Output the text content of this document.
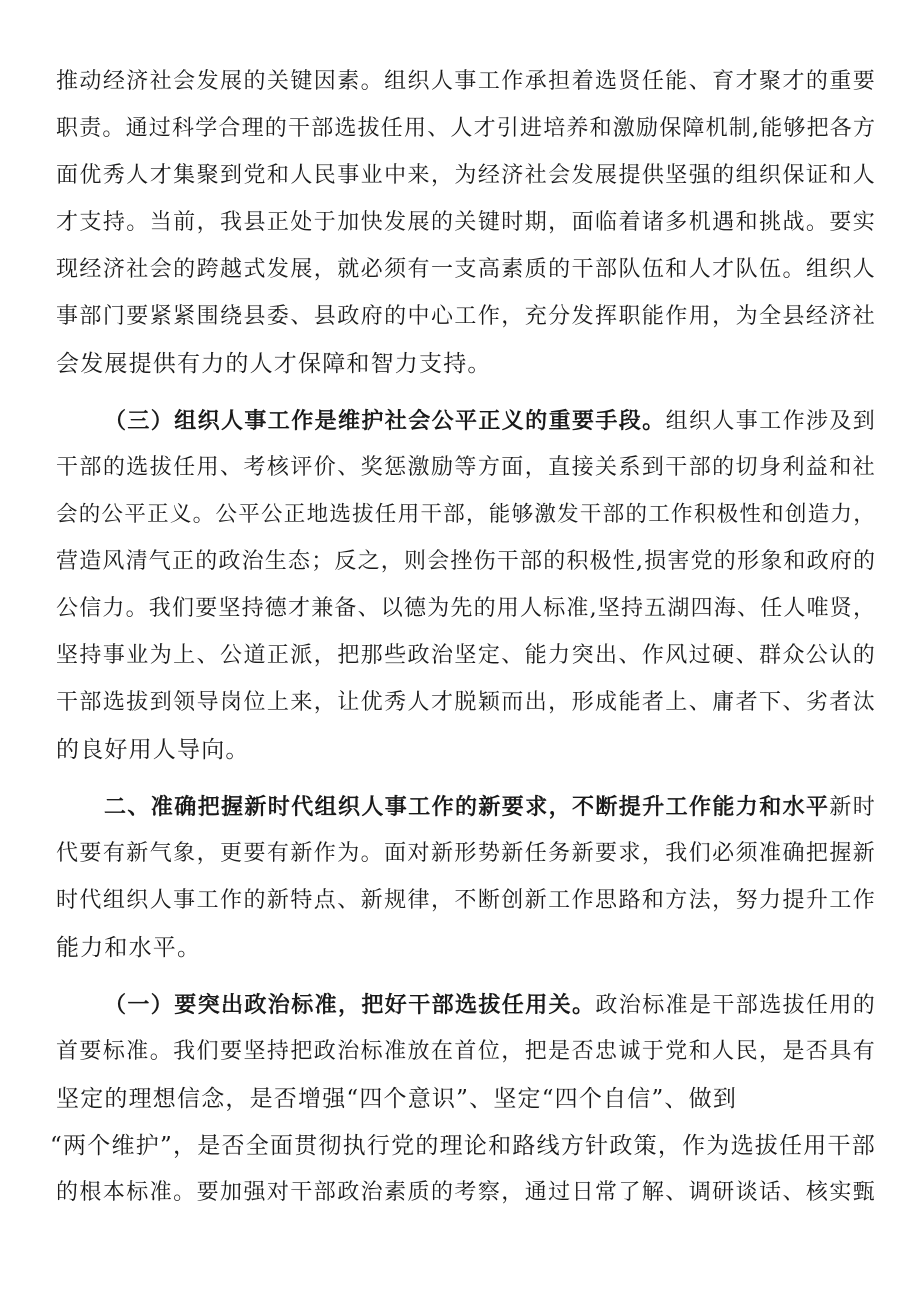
推动经济社会发展的关键因素。组织人事工作承担着选贤任能、育才聚才的重要
职责。通过科学合理的干部选拔任用、人才引进培养和激励保障机制,能够把各方
面优秀人才集聚到党和人民事业中来，为经济社会发展提供坚强的组织保证和人
才支持。当前，我县正处于加快发展的关键时期，面临着诸多机遇和挑战。要实
现经济社会的跨越式发展，就必须有一支高素质的干部队伍和人才队伍。组织人
事部门要紧紧围绕县委、县政府的中心工作，充分发挥职能作用，为全县经济社
会发展提供有力的人才保障和智力支持。
（三）组织人事工作是维护社会公平正义的重要手段。组织人事工作涉及到
干部的选拔任用、考核评价、奖惩激励等方面，直接关系到干部的切身利益和社
会的公平正义。公平公正地选拔任用干部，能够激发干部的工作积极性和创造力，
营造风清气正的政治生态；反之，则会挫伤干部的积极性,损害党的形象和政府的
公信力。我们要坚持德才兼备、以德为先的用人标准,坚持五湖四海、任人唯贤，
坚持事业为上、公道正派，把那些政治坚定、能力突出、作风过硬、群众公认的
干部选拔到领导岗位上来，让优秀人才脱颖而出，形成能者上、庸者下、劣者汰
的良好用人导向。
二、准确把握新时代组织人事工作的新要求，不断提升工作能力和水平新时
代要有新气象，更要有新作为。面对新形势新任务新要求，我们必须准确把握新
时代组织人事工作的新特点、新规律，不断创新工作思路和方法，努力提升工作
能力和水平。
（一）要突出政治标准，把好干部选拔任用关。政治标准是干部选拔任用的
首要标准。我们要坚持把政治标准放在首位，把是否忠诚于党和人民，是否具有
坚定的理想信念，是否增强“四个意识”、坚定“四个自信”、做到
“两个维护”，是否全面贯彻执行党的理论和路线方针政策，作为选拔任用干部
的根本标准。要加强对干部政治素质的考察，通过日常了解、调研谈话、核实甄
